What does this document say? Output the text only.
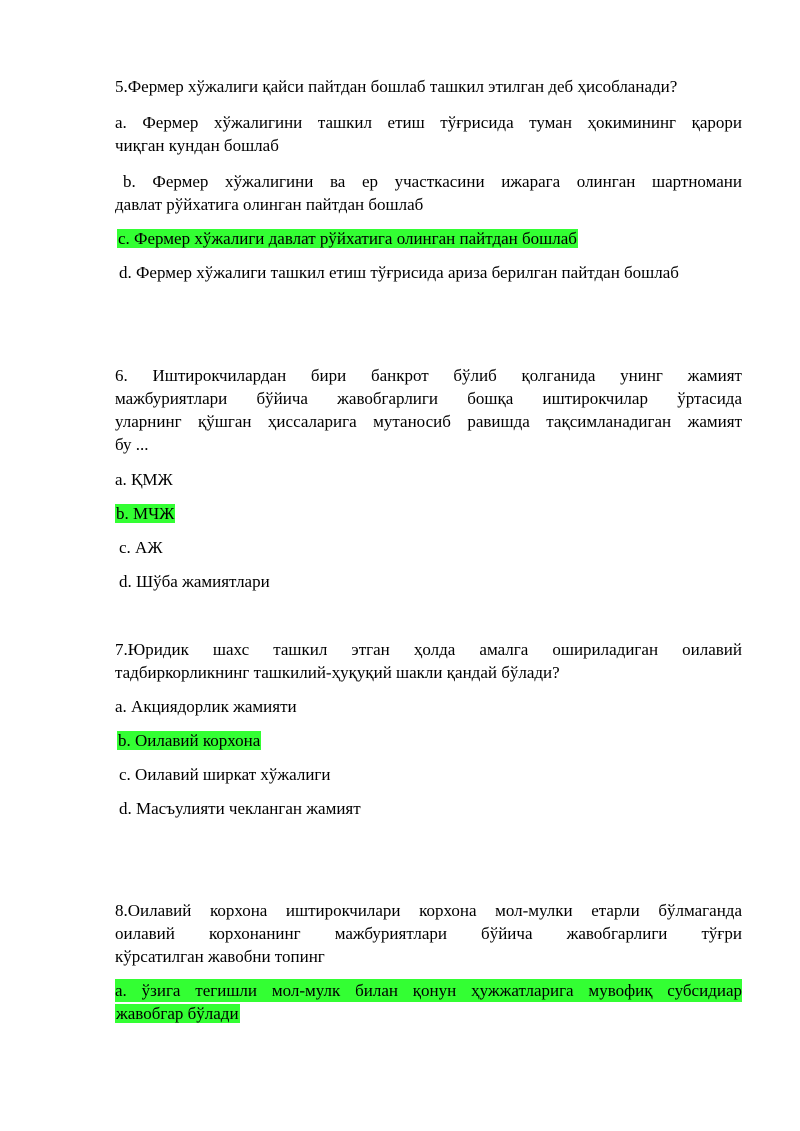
5.Фермер хўжалиги қайси пайтдан бошлаб ташкил этилган деб ҳисобланади?

a. Фермер хўжалигини ташкил етиш тўғрисида туман ҳокимининг қарори

чиқган кундан бошлаб

b. Фермер хўжалигини ва ер участкасини ижарага олинган шартномани

давлат рўйхатига олинган пайтдан бошлаб

c. Фермер хўжалиги давлат рўйхатига олинган пайтдан бошлаб

d. Фермер хўжалиги ташкил етиш тўғрисида ариза берилган пайтдан бошлаб

6. Иштирокчилардан бири банкрот бўлиб қолганида унинг жамият

мажбуриятлари бўйича жавобгарлиги бошқа иштирокчилар ўртасида

уларнинг қўшган ҳиссаларига мутаносиб равишда тақсимланадиган жамият

бу ...

a. ҚМЖ

b. МЧЖ

c. АЖ

d. Шўба жамиятлари

7.Юридик шахс ташкил этган ҳолда амалга ошириладиган оилавий

тадбиркорликнинг ташкилий-ҳуқуқий шакли қандай бўлади?

a. Акциядорлик жамияти

b. Оилавий корхона

c. Оилавий ширкат хўжалиги

d. Масъулияти чекланган жамият

8.Оилавий корхона иштирокчилари корхона мол-мулки етарли бўлмаганда

оилавий корхонанинг мажбуриятлари бўйича жавобгарлиги тўғри

кўрсатилган жавобни топинг

a. ўзига тегишли мол-мулк билан қонун ҳужжатларига мувофиқ субсидиар

жавобгар бўлади
